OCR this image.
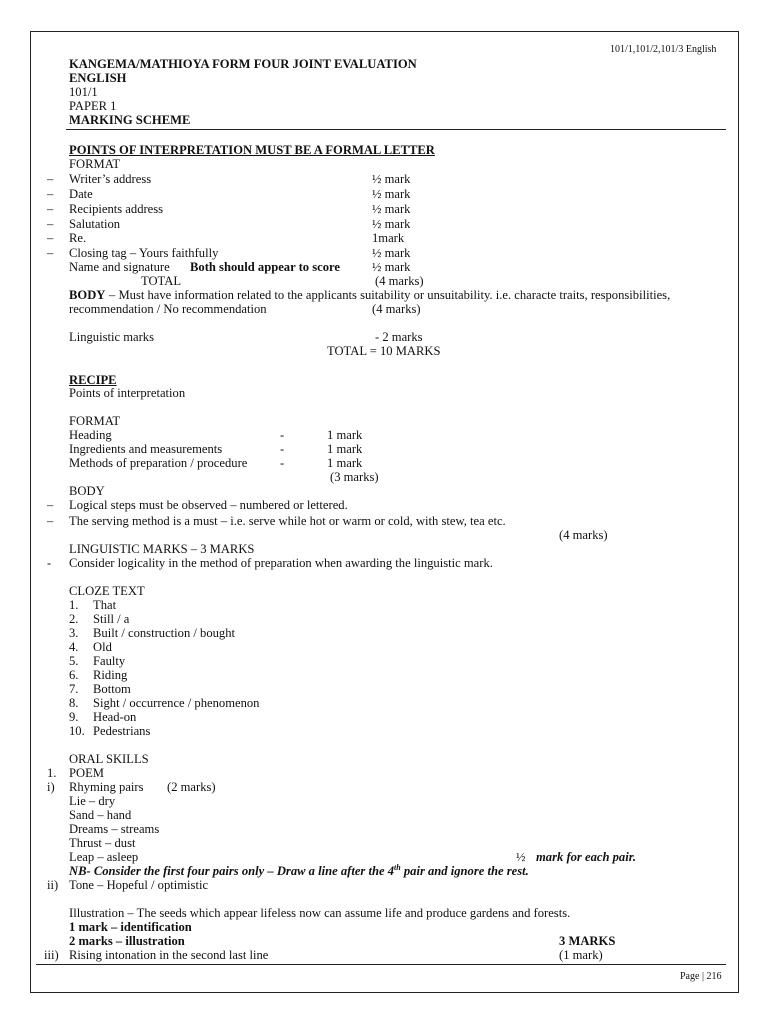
101/1,101/2,101/3 English
KANGEMA/MATHIOYA FORM FOUR JOINT EVALUATION
ENGLISH
101/1
PAPER 1
MARKING SCHEME
POINTS OF INTERPRETATION MUST BE A FORMAL LETTER
FORMAT
– Writer’s address	½ mark
– Date	½ mark
– Recipients address	½ mark
– Salutation	½ mark
– Re.	1mark
– Closing tag – Yours faithfully	½ mark
Name and signature Both should appear to score	½ mark
TOTAL	(4 marks)
BODY – Must have information related to the applicants suitability or unsuitability. i.e. characte traits, responsibilities,
recommendation / No recommendation	(4 marks)
Linguistic marks	- 2 marks
TOTAL = 10 MARKS
RECIPE
Points of interpretation
FORMAT
Heading	-	1 mark
Ingredients and measurements	-	1 mark
Methods of preparation / procedure	-	1 mark
(3 marks)
BODY
– Logical steps must be observed – numbered or lettered.
– The serving method is a must – i.e. serve while hot or warm or cold, with stew, tea etc.
(4 marks)
LINGUISTIC MARKS – 3 MARKS
- Consider logicality in the method of preparation when awarding the linguistic mark.
CLOZE TEXT
1. That
2. Still / a
3. Built / construction / bought
4. Old
5. Faulty
6. Riding
7. Bottom
8. Sight / occurrence / phenomenon
9. Head-on
10. Pedestrians
ORAL SKILLS
1. POEM
i) Rhyming pairs (2 marks)
Lie – dry
Sand – hand
Dreams – streams
Thrust – dust
Leap – asleep	½ mark for each pair.
NB- Consider the first four pairs only – Draw a line after the 4th pair and ignore the rest.
ii) Tone – Hopeful / optimistic
Illustration – The seeds which appear lifeless now can assume life and produce gardens and forests.
1 mark – identification
2 marks – illustration	3 MARKS
iii) Rising intonation in the second last line	(1 mark)
Page | 216
